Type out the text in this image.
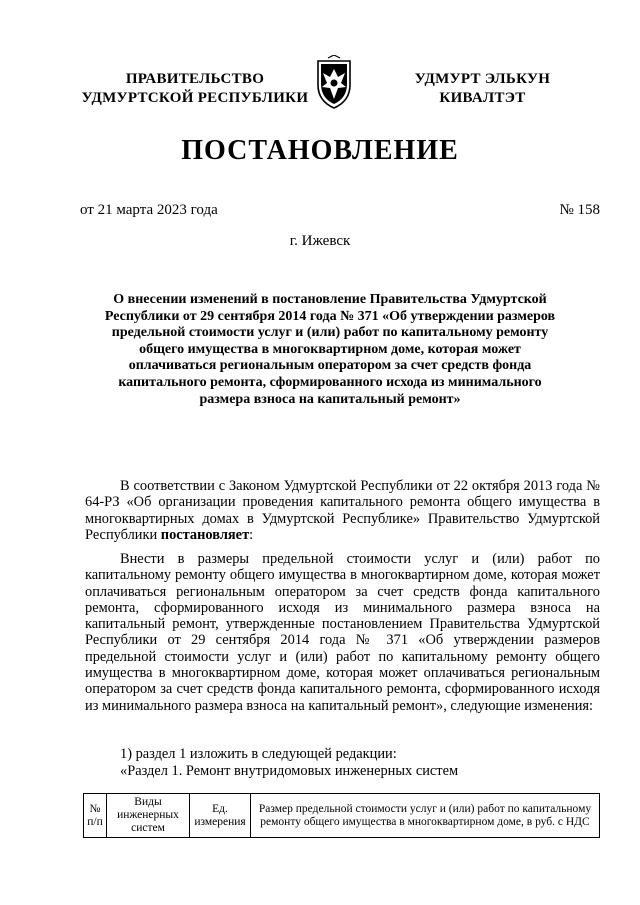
ПРАВИТЕЛЬСТВО
УДМУРТСКОЙ РЕСПУБЛИКИ
УДМУРТ ЭЛЬКУН
КИВАЛТЭТ
ПОСТАНОВЛЕНИЕ
от 21 марта 2023 года	№ 158
г. Ижевск
О внесении изменений в постановление Правительства Удмуртской Республики от 29 сентября 2014 года № 371 «Об утверждении размеров предельной стоимости услуг и (или) работ по капитальному ремонту общего имущества в многоквартирном доме, которая может оплачиваться региональным оператором за счет средств фонда капитального ремонта, сформированного исхода из минимального размера взноса на капитальный ремонт»
В соответствии с Законом Удмуртской Республики от 22 октября 2013 года № 64-РЗ «Об организации проведения капитального ремонта общего имущества в многоквартирных домах в Удмуртской Республике» Правительство Удмуртской Республики постановляет:
Внести в размеры предельной стоимости услуг и (или) работ по капитальному ремонту общего имущества в многоквартирном доме, которая может оплачиваться региональным оператором за счет средств фонда капитального ремонта, сформированного исходя из минимального размера взноса на капитальный ремонт, утвержденные постановлением Правительства Удмуртской Республики от 29 сентября 2014 года № 371 «Об утверждении размеров предельной стоимости услуг и (или) работ по капитальному ремонту общего имущества в многоквартирном доме, которая может оплачиваться региональным оператором за счет средств фонда капитального ремонта, сформированного исходя из минимального размера взноса на капитальный ремонт», следующие изменения:
1) раздел 1 изложить в следующей редакции:
«Раздел 1. Ремонт внутридомовых инженерных систем
№ п/п	Виды инженерных систем	Ед. измерения	Размер предельной стоимости услуг и (или) работ по капитальному ремонту общего имущества в многоквартирном доме, в руб. с НДС
